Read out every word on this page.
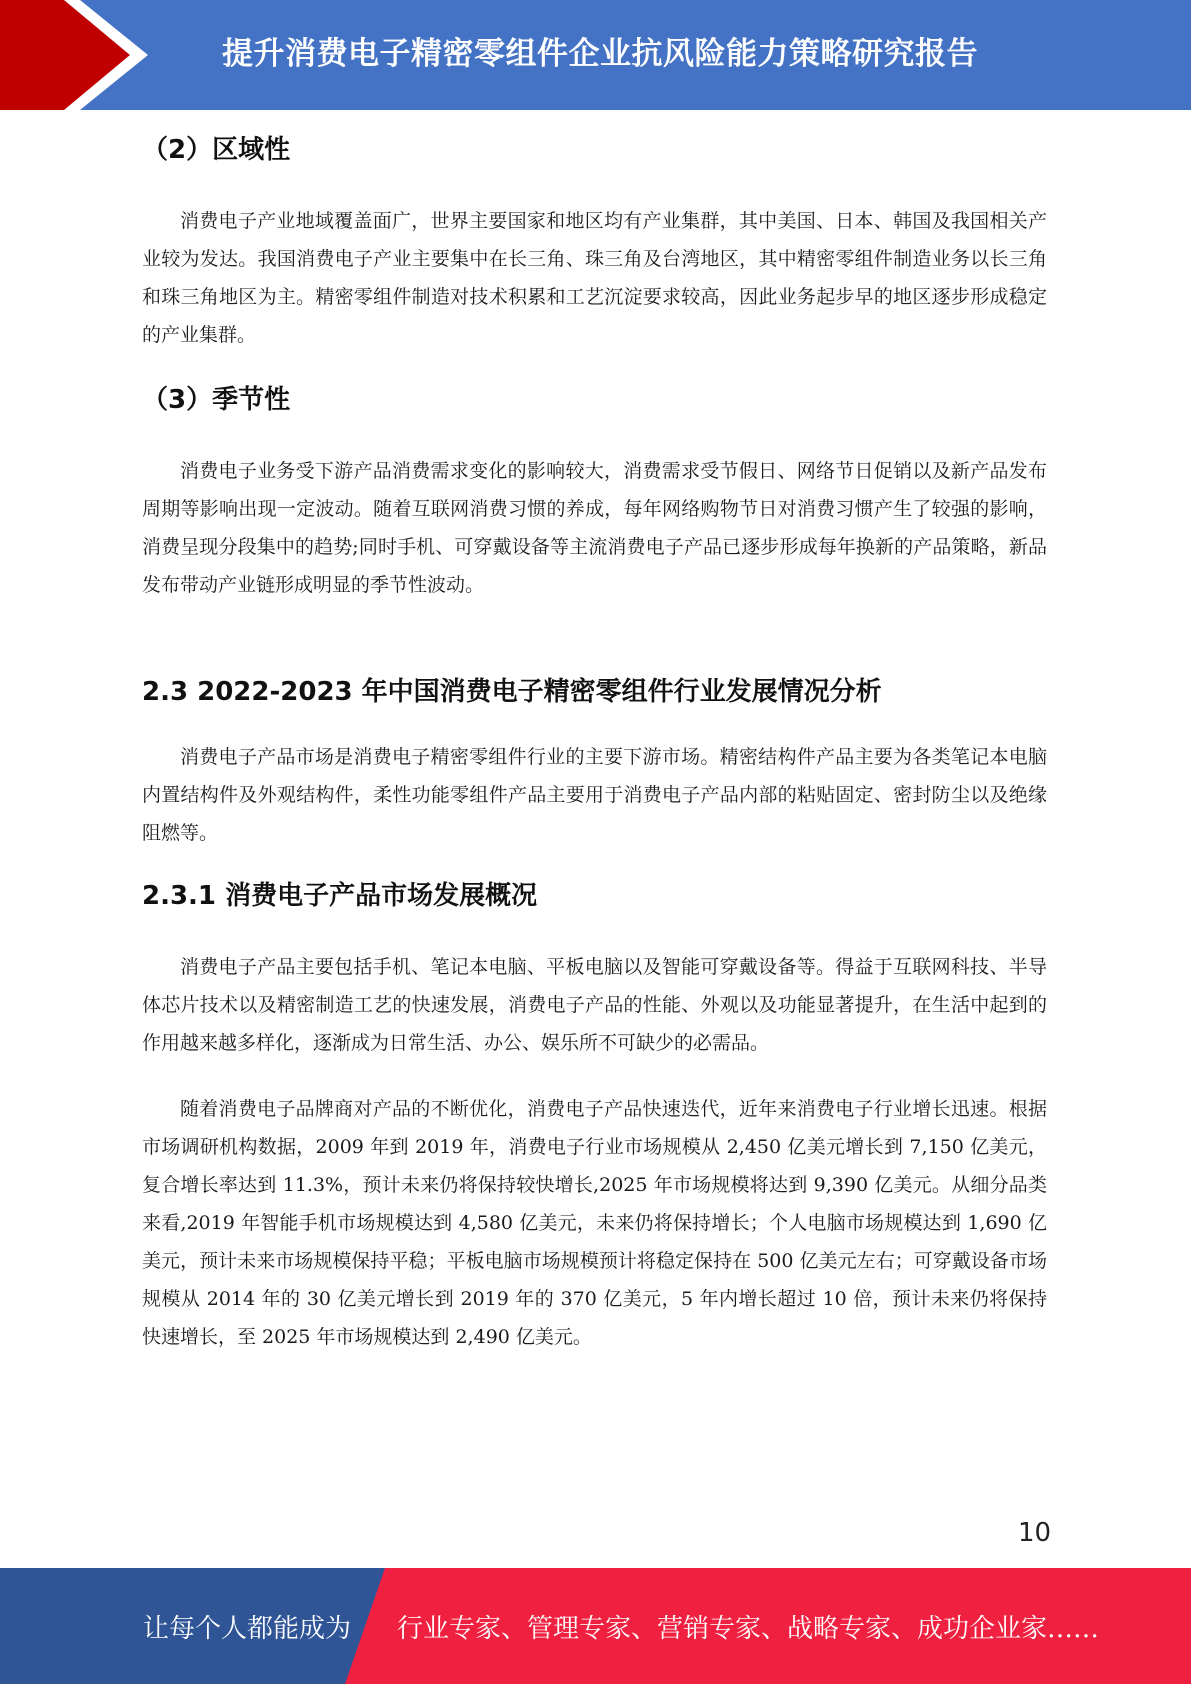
提升消费电子精密零组件企业抗风险能力策略研究报告
（2）区域性

消费电子产业地域覆盖面广，世界主要国家和地区均有产业集群，其中美国、日本、韩国及我国相关产业较为发达。我国消费电子产业主要集中在长三角、珠三角及台湾地区，其中精密零组件制造业务以长三角和珠三角地区为主。精密零组件制造对技术积累和工艺沉淀要求较高，因此业务起步早的地区逐步形成稳定的产业集群。

（3）季节性

消费电子业务受下游产品消费需求变化的影响较大，消费需求受节假日、网络节日促销以及新产品发布周期等影响出现一定波动。随着互联网消费习惯的养成，每年网络购物节日对消费习惯产生了较强的影响，消费呈现分段集中的趋势;同时手机、可穿戴设备等主流消费电子产品已逐步形成每年换新的产品策略，新品发布带动产业链形成明显的季节性波动。

2.3 2022-2023 年中国消费电子精密零组件行业发展情况分析

消费电子产品市场是消费电子精密零组件行业的主要下游市场。精密结构件产品主要为各类笔记本电脑内置结构件及外观结构件，柔性功能零组件产品主要用于消费电子产品内部的粘贴固定、密封防尘以及绝缘阻燃等。

2.3.1 消费电子产品市场发展概况

消费电子产品主要包括手机、笔记本电脑、平板电脑以及智能可穿戴设备等。得益于互联网科技、半导体芯片技术以及精密制造工艺的快速发展，消费电子产品的性能、外观以及功能显著提升，在生活中起到的作用越来越多样化，逐渐成为日常生活、办公、娱乐所不可缺少的必需品。

随着消费电子品牌商对产品的不断优化，消费电子产品快速迭代，近年来消费电子行业增长迅速。根据市场调研机构数据，2009 年到 2019 年，消费电子行业市场规模从 2,450 亿美元增长到 7,150 亿美元，复合增长率达到 11.3%，预计未来仍将保持较快增长,2025 年市场规模将达到 9,390 亿美元。从细分品类来看,2019 年智能手机市场规模达到 4,580 亿美元，未来仍将保持增长；个人电脑市场规模达到 1,690 亿美元，预计未来市场规模保持平稳；平板电脑市场规模预计将稳定保持在 500 亿美元左右；可穿戴设备市场规模从 2014 年的 30 亿美元增长到 2019 年的 370 亿美元，5 年内增长超过 10 倍，预计未来仍将保持快速增长，至 2025 年市场规模达到 2,490 亿美元。

10
让每个人都能成为 行业专家、管理专家、营销专家、战略专家、成功企业家……
